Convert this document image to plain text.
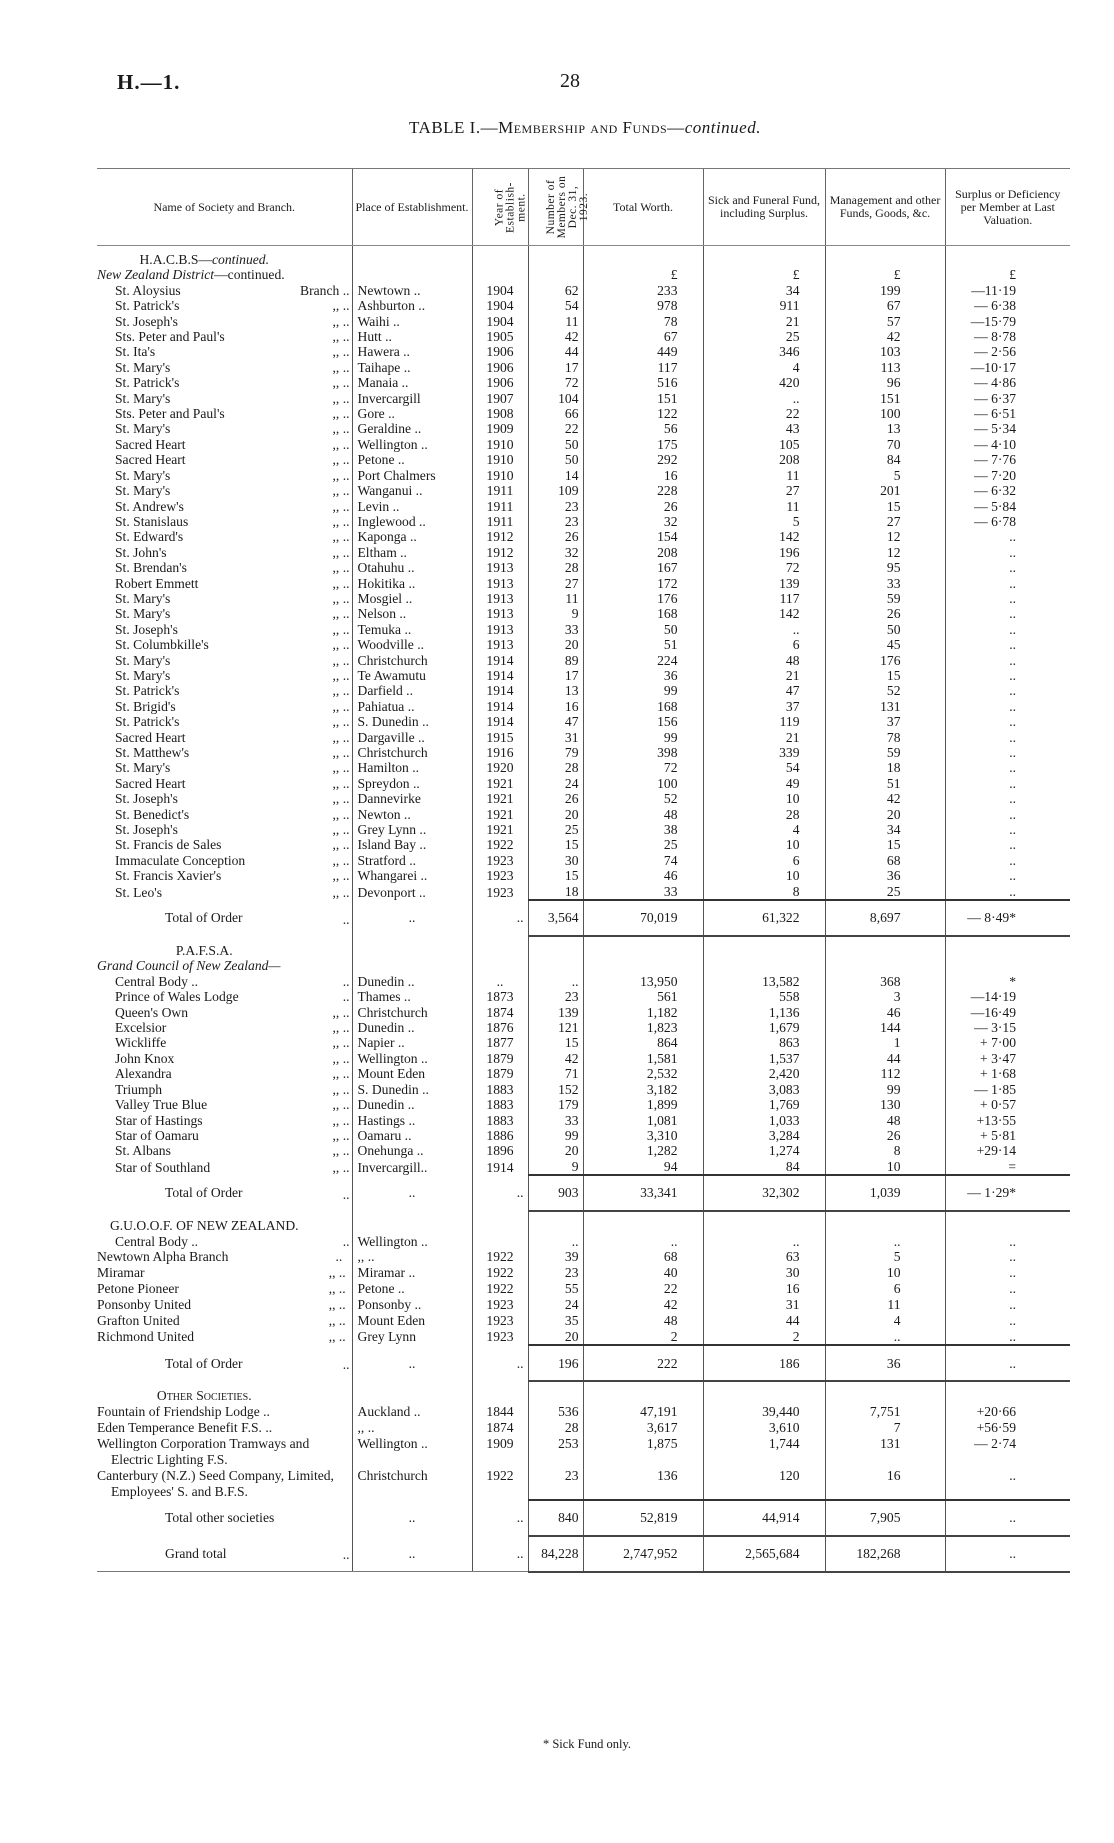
H.—1.	28
TABLE I.—Membership and Funds—continued.
Name of Society and Branch.	Place of Establishment.	Year of Establish-ment.	Number of Members on Dec. 31, 1923.	Total Worth.	Sick and Funeral Fund, including Surplus.	Management and other Funds, Goods, &c.	Surplus or Deficiency per Member at Last Valuation.
H.A.C.B.S—continued.							
New Zealand District—continued.				£	£	£	£

St. Aloysius Branch ..	Newtown ..	1904	62	233	34	199	—11·19

St. Patrick's ,, ..	Ashburton ..	1904	54	978	911	67	— 6·38

St. Joseph's ,, ..	Waihi ..	1904	11	78	21	57	—15·79

Sts. Peter and Paul's ,, ..	Hutt ..	1905	42	67	25	42	— 8·78

St. Ita's ,, ..	Hawera ..	1906	44	449	346	103	— 2·56

St. Mary's ,, ..	Taihape ..	1906	17	117	4	113	—10·17

St. Patrick's ,, ..	Manaia ..	1906	72	516	420	96	— 4·86

St. Mary's ,, ..	Invercargill	1907	104	151	..	151	— 6·37

Sts. Peter and Paul's ,, ..	Gore ..	1908	66	122	22	100	— 6·51

St. Mary's ,, ..	Geraldine ..	1909	22	56	43	13	— 5·34

Sacred Heart ,, ..	Wellington ..	1910	50	175	105	70	— 4·10

Sacred Heart ,, ..	Petone ..	1910	50	292	208	84	— 7·76

St. Mary's ,, ..	Port Chalmers	1910	14	16	11	5	— 7·20

St. Mary's ,, ..	Wanganui ..	1911	109	228	27	201	— 6·32

St. Andrew's ,, ..	Levin ..	1911	23	26	11	15	— 5·84

St. Stanislaus ,, ..	Inglewood ..	1911	23	32	5	27	— 6·78

St. Edward's ,, ..	Kaponga ..	1912	26	154	142	12	..

St. John's ,, ..	Eltham ..	1912	32	208	196	12	..

St. Brendan's ,, ..	Otahuhu ..	1913	28	167	72	95	..

Robert Emmett ,, ..	Hokitika ..	1913	27	172	139	33	..

St. Mary's ,, ..	Mosgiel ..	1913	11	176	117	59	..

St. Mary's ,, ..	Nelson ..	1913	9	168	142	26	..

St. Joseph's ,, ..	Temuka ..	1913	33	50	..	50	..

St. Columbkille's ,, ..	Woodville ..	1913	20	51	6	45	..

St. Mary's ,, ..	Christchurch	1914	89	224	48	176	..

St. Mary's ,, ..	Te Awamutu	1914	17	36	21	15	..

St. Patrick's ,, ..	Darfield ..	1914	13	99	47	52	..

St. Brigid's ,, ..	Pahiatua ..	1914	16	168	37	131	..

St. Patrick's ,, ..	S. Dunedin ..	1914	47	156	119	37	..

Sacred Heart ,, ..	Dargaville ..	1915	31	99	21	78	..

St. Matthew's ,, ..	Christchurch	1916	79	398	339	59	..

St. Mary's ,, ..	Hamilton ..	1920	28	72	54	18	..

Sacred Heart ,, ..	Spreydon ..	1921	24	100	49	51	..

St. Joseph's ,, ..	Dannevirke	1921	26	52	10	42	..

St. Benedict's ,, ..	Newton ..	1921	20	48	28	20	..

St. Joseph's ,, ..	Grey Lynn ..	1921	25	38	4	34	..

St. Francis de Sales ,, ..	Island Bay ..	1922	15	25	10	15	..

Immaculate Conception ,, ..	Stratford ..	1923	30	74	6	68	..

St. Francis Xavier's ,, ..	Whangarei ..	1923	15	46	10	36	..

St. Leo's ,, ..	Devonport ..	1923	18	33	8	25	..

Total of Order ..	..	..	3,564	70,019	61,322	8,697	— 8·49*
P.A.F.S.A.							
Grand Council of New Zealand—							

Central Body .. ..	Dunedin ..	..	..	13,950	13,582	368	*

Prince of Wales Lodge ..	Thames ..	1873	23	561	558	3	—14·19

Queen's Own ,, ..	Christchurch	1874	139	1,182	1,136	46	—16·49

Excelsior ,, ..	Dunedin ..	1876	121	1,823	1,679	144	— 3·15

Wickliffe ,, ..	Napier ..	1877	15	864	863	1	+ 7·00

John Knox ,, ..	Wellington ..	1879	42	1,581	1,537	44	+ 3·47

Alexandra ,, ..	Mount Eden	1879	71	2,532	2,420	112	+ 1·68

Triumph ,, ..	S. Dunedin ..	1883	152	3,182	3,083	99	— 1·85

Valley True Blue ,, ..	Dunedin ..	1883	179	1,899	1,769	130	+ 0·57

Star of Hastings ,, ..	Hastings ..	1883	33	1,081	1,033	48	+13·55

Star of Oamaru ,, ..	Oamaru ..	1886	99	3,310	3,284	26	+ 5·81

St. Albans ,, ..	Onehunga ..	1896	20	1,282	1,274	8	+29·14

Star of Southland ,, ..	Invercargill..	1914	9	94	84	10	=

Total of Order ..	..	..	903	33,341	32,302	1,039	— 1·29*
G.U.O.O.F. OF NEW ZEALAND.							

Central Body .. ..	Wellington ..		..	..	..	..	..

Newtown Alpha Branch ..	,, ..	1922	39	68	63	5	..

Miramar ,, ..	Miramar ..	1922	23	40	30	10	..

Petone Pioneer ,, ..	Petone ..	1922	55	22	16	6	..

Ponsonby United ,, ..	Ponsonby ..	1923	24	42	31	11	..

Grafton United ,, ..	Mount Eden	1923	35	48	44	4	..

Richmond United ,, ..	Grey Lynn	1923	20	2	2	..	..

Total of Order ..	..	..	196	222	186	36	..
Other Societies.							

Fountain of Friendship Lodge ..	Auckland ..	1844	536	47,191	39,440	7,751	+20·66

Eden Temperance Benefit F.S. ..	,, ..	1874	28	3,617	3,610	7	+56·59

Wellington Corporation Tramways and Electric Lighting F.S.	Wellington ..	1909	253	1,875	1,744	131	— 2·74

Canterbury (N.Z.) Seed Company, Limited, Employees' S. and B.F.S.	Christchurch	1922	23	136	120	16	..

Total other societies	..	..	840	52,819	44,914	7,905	..

Grand total ..	..	..	84,228	2,747,952	2,565,684	182,268	..
* Sick Fund only.
